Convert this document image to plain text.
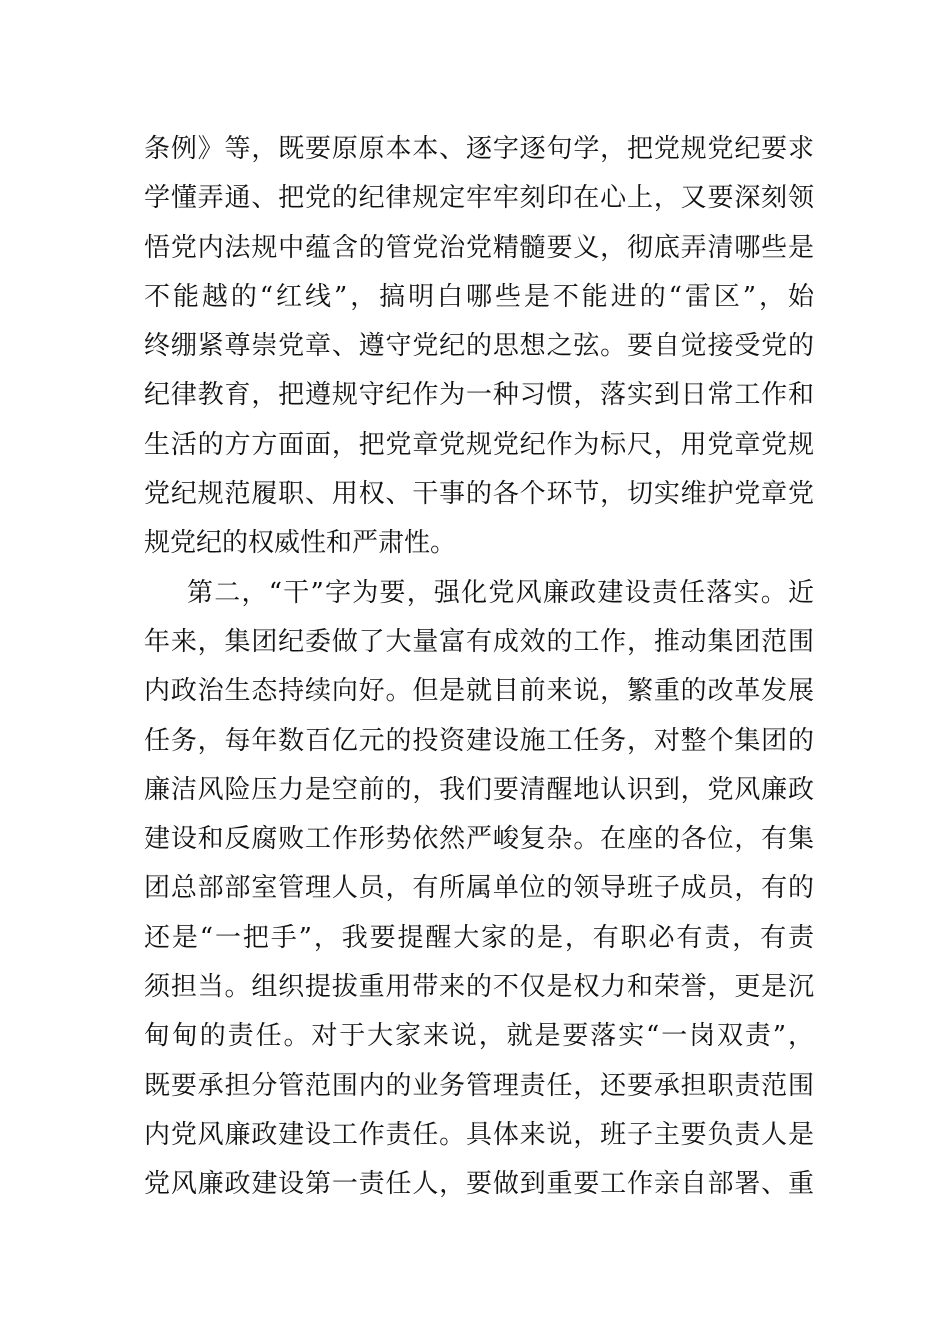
条例》等，既要原原本本、逐字逐句学，把党规党纪要求
学懂弄通、把党的纪律规定牢牢刻印在心上，又要深刻领
悟党内法规中蕴含的管党治党精髓要义，彻底弄清哪些是
不能越的“红线”，搞明白哪些是不能进的“雷区”，始
终绷紧尊崇党章、遵守党纪的思想之弦。要自觉接受党的
纪律教育，把遵规守纪作为一种习惯，落实到日常工作和
生活的方方面面，把党章党规党纪作为标尺，用党章党规
党纪规范履职、用权、干事的各个环节，切实维护党章党
规党纪的权威性和严肃性。
第二，“干”字为要，强化党风廉政建设责任落实。近
年来，集团纪委做了大量富有成效的工作，推动集团范围
内政治生态持续向好。但是就目前来说，繁重的改革发展
任务，每年数百亿元的投资建设施工任务，对整个集团的
廉洁风险压力是空前的，我们要清醒地认识到，党风廉政
建设和反腐败工作形势依然严峻复杂。在座的各位，有集
团总部部室管理人员，有所属单位的领导班子成员，有的
还是“一把手”，我要提醒大家的是，有职必有责，有责
须担当。组织提拔重用带来的不仅是权力和荣誉，更是沉
甸甸的责任。对于大家来说，就是要落实“一岗双责”，
既要承担分管范围内的业务管理责任，还要承担职责范围
内党风廉政建设工作责任。具体来说，班子主要负责人是
党风廉政建设第一责任人，要做到重要工作亲自部署、重
